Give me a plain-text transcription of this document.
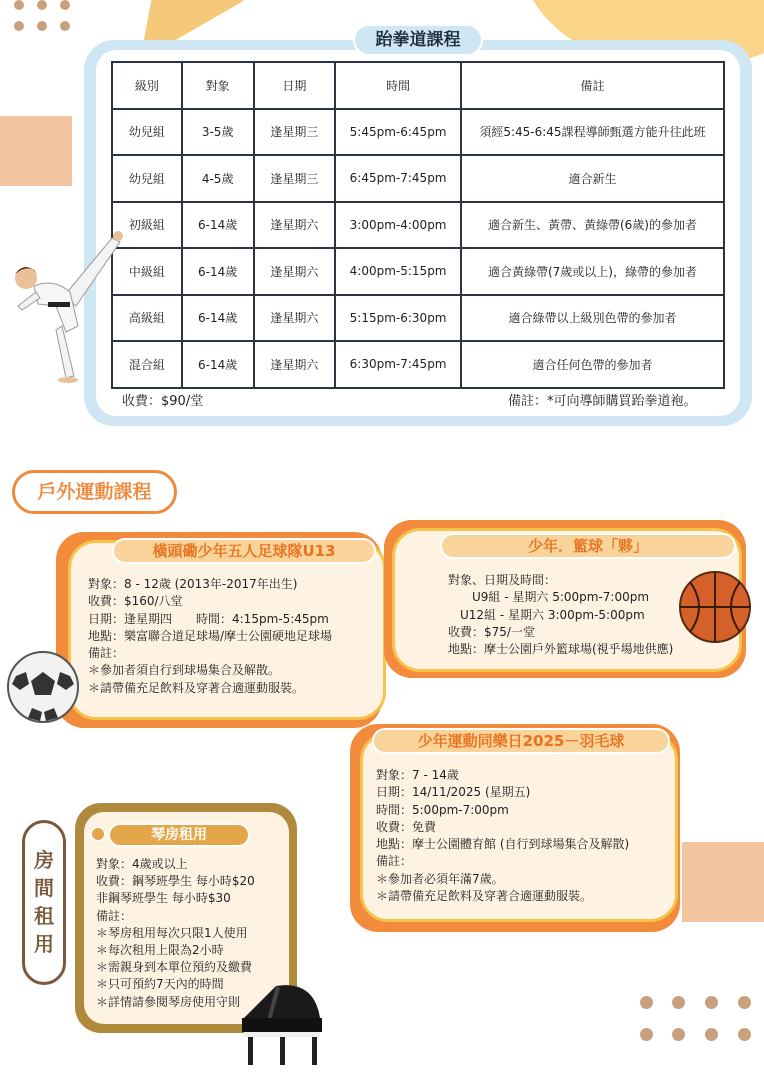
跆拳道課程
級別	對象	日期	時間	備註
幼兒組	3-5歲	逢星期三	5:45pm-6:45pm	須經5:45-6:45課程導師甄選方能升往此班
幼兒組	4-5歲	逢星期三	6:45pm-7:45pm	適合新生
初級組	6-14歲	逢星期六	3:00pm-4:00pm	適合新生、黃帶、黃綠帶(6歲)的參加者
中級組	6-14歲	逢星期六	4:00pm-5:15pm	適合黃綠帶(7歲或以上)，綠帶的參加者
高級組	6-14歲	逢星期六	5:15pm-6:30pm	適合綠帶以上級別色帶的參加者
混合組	6-14歲	逢星期六	6:30pm-7:45pm	適合任何色帶的參加者
收費：$90/堂	備註：*可向導師購買跆拳道袍。
戶外運動課程
橫頭磡少年五人足球隊U13
對象：8 - 12歲 (2013年-2017年出生)
收費：$160/八堂
日期：逢星期四　　時間：4:15pm-5:45pm
地點：樂富聯合道足球場/摩士公園硬地足球場
備註：
＊參加者須自行到球場集合及解散。
＊請帶備充足飲料及穿著合適運動服裝。
少年．籃球「夥」
對象、日期及時間：
　　U9組 - 星期六 5:00pm-7:00pm
　U12組 - 星期六 3:00pm-5:00pm
收費：$75/一堂
地點：摩士公園戶外籃球場(視乎場地供應)
少年運動同樂日2025－羽毛球
對象：7 - 14歲
日期：14/11/2025 (星期五)
時間：5:00pm-7:00pm
收費：免費
地點：摩士公園體育館 (自行到球場集合及解散)
備註：
＊參加者必須年滿7歲。
＊請帶備充足飲料及穿著合適運動服裝。
房間租用
琴房租用
對象：4歲或以上
收費：鋼琴班學生 每小時$20
非鋼琴班學生 每小時$30
備註：
＊琴房租用每次只限1人使用
＊每次租用上限為2小時
＊需親身到本單位預約及繳費
＊只可預約7天內的時間
＊詳情請參閱琴房使用守則
